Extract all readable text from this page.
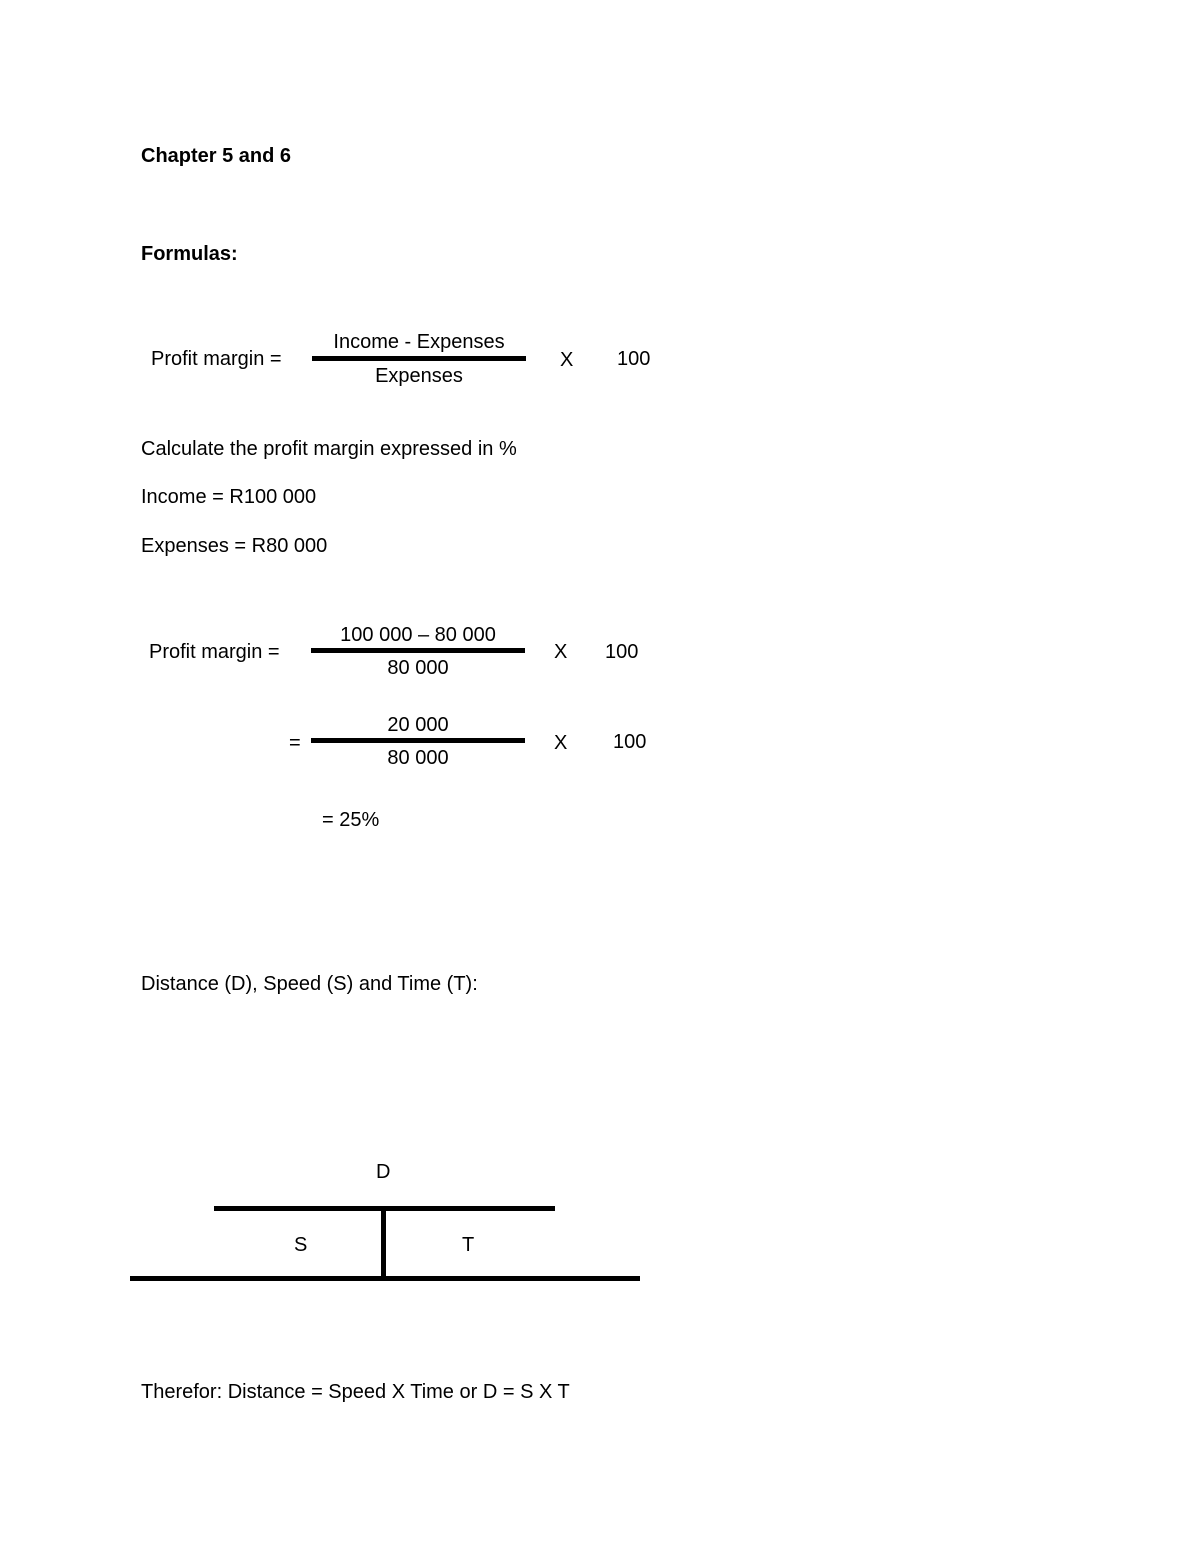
Chapter 5 and 6
Formulas:
Profit margin =
Income - Expenses
Expenses
X 100
Calculate the profit margin expressed in %
Income = R100 000
Expenses = R80 000
Profit margin =
100 000 – 80 000
80 000
X 100
=
20 000
80 000
X 100
= 25%
Distance (D), Speed (S) and Time (T):
D
S	T
Therefor: Distance = Speed X Time or D = S X T
